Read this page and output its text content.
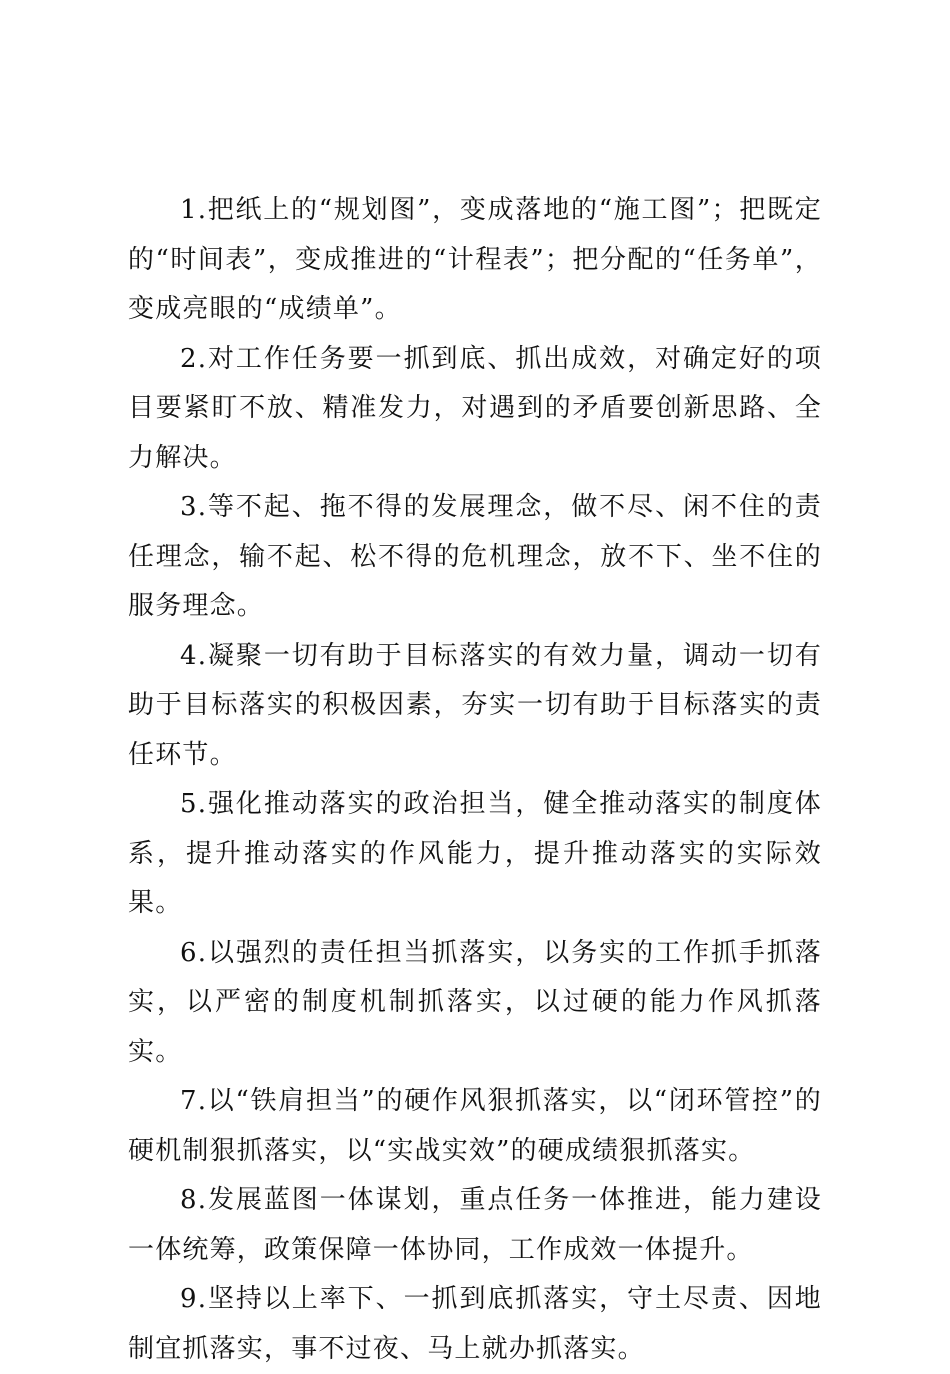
1.把纸上的“规划图”，变成落地的“施工图”；把既定的“时间表”，变成推进的“计程表”；把分配的“任务单”，变成亮眼的“成绩单”。

2.对工作任务要一抓到底、抓出成效，对确定好的项目要紧盯不放、精准发力，对遇到的矛盾要创新思路、全力解决。

3.等不起、拖不得的发展理念，做不尽、闲不住的责任理念，输不起、松不得的危机理念，放不下、坐不住的服务理念。

4.凝聚一切有助于目标落实的有效力量，调动一切有助于目标落实的积极因素，夯实一切有助于目标落实的责任环节。

5.强化推动落实的政治担当，健全推动落实的制度体系，提升推动落实的作风能力，提升推动落实的实际效果。

6.以强烈的责任担当抓落实，以务实的工作抓手抓落实，以严密的制度机制抓落实，以过硬的能力作风抓落实。

7.以“铁肩担当”的硬作风狠抓落实，以“闭环管控”的硬机制狠抓落实，以“实战实效”的硬成绩狠抓落实。

8.发展蓝图一体谋划，重点任务一体推进，能力建设一体统筹，政策保障一体协同，工作成效一体提升。

9.坚持以上率下、一抓到底抓落实，守土尽责、因地制宜抓落实，事不过夜、马上就办抓落实。
